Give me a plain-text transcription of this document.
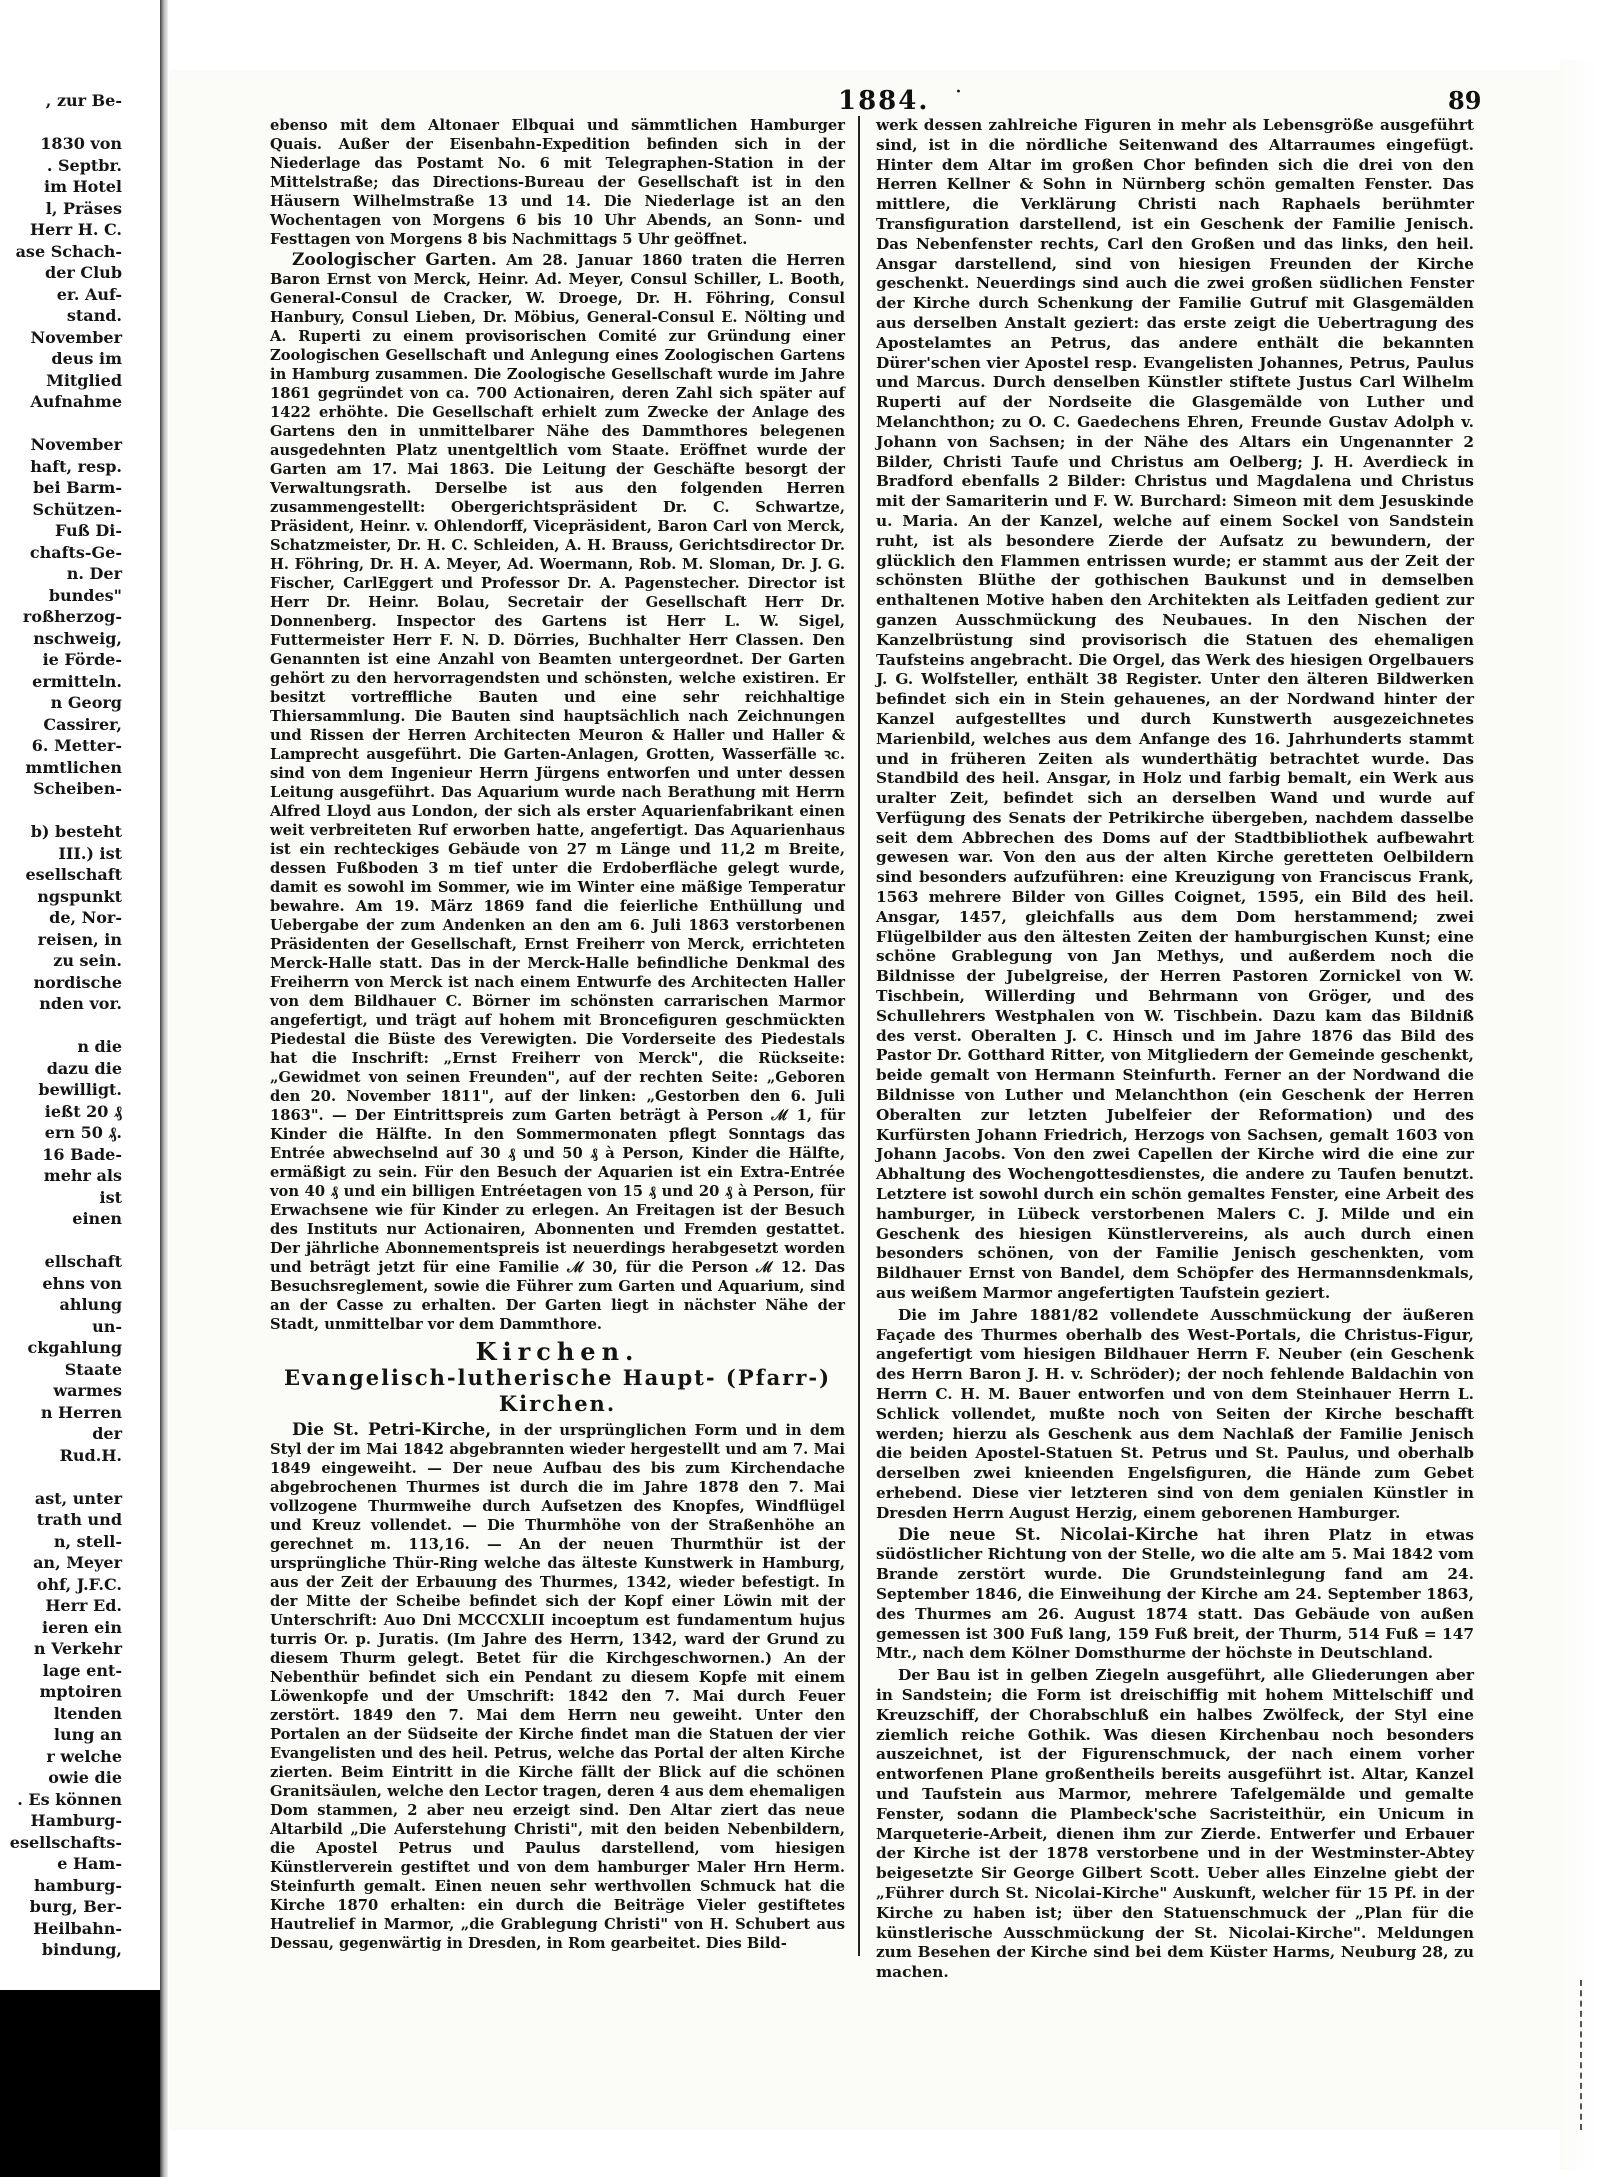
, zur Be-

1830 von
. Septbr.
im Hotel
l, Präses
Herr H. C.
ase Schach-
der Club
er. Auf-
stand.
November
deus im
Mitglied
Aufnahme

November
haft, resp.
bei Barm-
Schützen-
Fuß Di-
chafts-Ge-
n. Der
bundes"
roßherzog-
nschweig,
ie Förde-
ermitteln.
n Georg
Cassirer,
6. Metter-
mmtlichen
Scheiben-

b) besteht
III.) ist
esellschaft
ngspunkt
de, Nor-
reisen, in
zu sein.
nordische
nden vor.

n die
dazu die
bewilligt.
ießt 20 ₰
ern 50 ₰.
16 Bade-
mehr als
ist
einen

ellschaft
ehns von
ahlung
un-
ckgahlung
Staate
warmes
n Herren
der
Rud.H.

ast, unter
trath und
n, stell-
an, Meyer
ohf, J.F.C.
Herr Ed.
ieren ein
n Verkehr
lage ent-
mptoiren
ltenden
lung an
r welche
owie die
. Es können
Hamburg-
esellschafts-
e Ham-
hamburg-
burg, Ber-
Heilbahn-
bindung,
1884. ·	89

ebenso mit dem Altonaer Elbquai und sämmtlichen Hamburger Quais. Außer der Eisenbahn-Expedition befinden sich in der Niederlage das Postamt No. 6 mit Telegraphen-Station in der Mittelstraße; das Directions-Bureau der Gesellschaft ist in den Häusern Wilhelmstraße 13 und 14. Die Niederlage ist an den Wochentagen von Morgens 6 bis 10 Uhr Abends, an Sonn- und Festtagen von Morgens 8 bis Nachmittags 5 Uhr geöffnet.

Zoologischer Garten. Am 28. Januar 1860 traten die Herren Baron Ernst von Merck, Heinr. Ad. Meyer, Consul Schiller, L. Booth, General-Consul de Cracker, W. Droege, Dr. H. Föhring, Consul Hanbury, Consul Lieben, Dr. Möbius, General-Consul E. Nölting und A. Ruperti zu einem provisorischen Comité zur Gründung einer Zoologischen Gesellschaft und Anlegung eines Zoologischen Gartens in Hamburg zusammen. Die Zoologische Gesellschaft wurde im Jahre 1861 gegründet von ca. 700 Actionairen, deren Zahl sich später auf 1422 erhöhte. Die Gesellschaft erhielt zum Zwecke der Anlage des Gartens den in unmittelbarer Nähe des Dammthores belegenen ausgedehnten Platz unentgeltlich vom Staate. Eröffnet wurde der Garten am 17. Mai 1863. Die Leitung der Geschäfte besorgt der Verwaltungsrath. Derselbe ist aus den folgenden Herren zusammengestellt: Obergerichtspräsident Dr. C. Schwartze, Präsident, Heinr. v. Ohlendorff, Vicepräsident, Baron Carl von Merck, Schatzmeister, Dr. H. C. Schleiden, A. H. Brauss, Gerichtsdirector Dr. H. Föhring, Dr. H. A. Meyer, Ad. Woermann, Rob. M. Sloman, Dr. J. G. Fischer, CarlEggert und Professor Dr. A. Pagenstecher. Director ist Herr Dr. Heinr. Bolau, Secretair der Gesellschaft Herr Dr. Donnenberg. Inspector des Gartens ist Herr L. W. Sigel, Futtermeister Herr F. N. D. Dörries, Buchhalter Herr Classen. Den Genannten ist eine Anzahl von Beamten untergeordnet. Der Garten gehört zu den hervorragendsten und schönsten, welche existiren. Er besitzt vortreffliche Bauten und eine sehr reichhaltige Thiersammlung. Die Bauten sind hauptsächlich nach Zeichnungen und Rissen der Herren Architecten Meuron & Haller und Haller & Lamprecht ausgeführt. Die Garten-Anlagen, Grotten, Wasserfälle ꝛc. sind von dem Ingenieur Herrn Jürgens entworfen und unter dessen Leitung ausgeführt. Das Aquarium wurde nach Berathung mit Herrn Alfred Lloyd aus London, der sich als erster Aquarienfabrikant einen weit verbreiteten Ruf erworben hatte, angefertigt. Das Aquarienhaus ist ein rechteckiges Gebäude von 27 m Länge und 11,2 m Breite, dessen Fußboden 3 m tief unter die Erdoberfläche gelegt wurde, damit es sowohl im Sommer, wie im Winter eine mäßige Temperatur bewahre. Am 19. März 1869 fand die feierliche Enthüllung und Uebergabe der zum Andenken an den am 6. Juli 1863 verstorbenen Präsidenten der Gesellschaft, Ernst Freiherr von Merck, errichteten Merck-Halle statt. Das in der Merck-Halle befindliche Denkmal des Freiherrn von Merck ist nach einem Entwurfe des Architecten Haller von dem Bildhauer C. Börner im schönsten carrarischen Marmor angefertigt, und trägt auf hohem mit Broncefiguren geschmückten Piedestal die Büste des Verewigten. Die Vorderseite des Piedestals hat die Inschrift: „Ernst Freiherr von Merck", die Rückseite: „Gewidmet von seinen Freunden", auf der rechten Seite: „Geboren den 20. November 1811", auf der linken: „Gestorben den 6. Juli 1863". — Der Eintrittspreis zum Garten beträgt à Person ℳ 1, für Kinder die Hälfte. In den Sommermonaten pflegt Sonntags das Entrée abwechselnd auf 30 ₰ und 50 ₰ à Person, Kinder die Hälfte, ermäßigt zu sein. Für den Besuch der Aquarien ist ein Extra-Entrée von 40 ₰ und ein billigen Entréetagen von 15 ₰ und 20 ₰ à Person, für Erwachsene wie für Kinder zu erlegen. An Freitagen ist der Besuch des Instituts nur Actionairen, Abonnenten und Fremden gestattet. Der jährliche Abonnementspreis ist neuerdings herabgesetzt worden und beträgt jetzt für eine Familie ℳ 30, für die Person ℳ 12. Das Besuchsreglement, sowie die Führer zum Garten und Aquarium, sind an der Casse zu erhalten. Der Garten liegt in nächster Nähe der Stadt, unmittelbar vor dem Dammthore.

Kirchen.
Evangelisch-lutherische Haupt- (Pfarr-) Kirchen.

Die St. Petri-Kirche, in der ursprünglichen Form und in dem Styl der im Mai 1842 abgebrannten wieder hergestellt und am 7. Mai 1849 eingeweiht. — Der neue Aufbau des bis zum Kirchendache abgebrochenen Thurmes ist durch die im Jahre 1878 den 7. Mai vollzogene Thurmweihe durch Aufsetzen des Knopfes, Windflügel und Kreuz vollendet. — Die Thurmhöhe von der Straßenhöhe an gerechnet m. 113,16. — An der neuen Thurmthür ist der ursprüngliche Thür-Ring welche das älteste Kunstwerk in Hamburg, aus der Zeit der Erbauung des Thurmes, 1342, wieder befestigt. In der Mitte der Scheibe befindet sich der Kopf einer Löwin mit der Unterschrift: Auo Dni MCCCXLII incoeptum est fundamentum hujus turris Or. p. Juratis. (Im Jahre des Herrn, 1342, ward der Grund zu diesem Thurm gelegt. Betet für die Kirchgeschwornen.) An der Nebenthür befindet sich ein Pendant zu diesem Kopfe mit einem Löwenkopfe und der Umschrift: 1842 den 7. Mai durch Feuer zerstört. 1849 den 7. Mai dem Herrn neu geweiht. Unter den Portalen an der Südseite der Kirche findet man die Statuen der vier Evangelisten und des heil. Petrus, welche das Portal der alten Kirche zierten. Beim Eintritt in die Kirche fällt der Blick auf die schönen Granitsäulen, welche den Lector tragen, deren 4 aus dem ehemaligen Dom stammen, 2 aber neu erzeigt sind. Den Altar ziert das neue Altarbild „Die Auferstehung Christi", mit den beiden Nebenbildern, die Apostel Petrus und Paulus darstellend, vom hiesigen Künstlerverein gestiftet und von dem hamburger Maler Hrn Herm. Steinfurth gemalt. Einen neuen sehr werthvollen Schmuck hat die Kirche 1870 erhalten: ein durch die Beiträge Vieler gestiftetes Hautrelief in Marmor, „die Grablegung Christi" von H. Schubert aus Dessau, gegenwärtig in Dresden, in Rom gearbeitet. Dies Bild-

werk dessen zahlreiche Figuren in mehr als Lebensgröße ausgeführt sind, ist in die nördliche Seitenwand des Altarraumes eingefügt. Hinter dem Altar im großen Chor befinden sich die drei von den Herren Kellner & Sohn in Nürnberg schön gemalten Fenster. Das mittlere, die Verklärung Christi nach Raphaels berühmter Transfiguration darstellend, ist ein Geschenk der Familie Jenisch. Das Nebenfenster rechts, Carl den Großen und das links, den heil. Ansgar darstellend, sind von hiesigen Freunden der Kirche geschenkt. Neuerdings sind auch die zwei großen südlichen Fenster der Kirche durch Schenkung der Familie Gutruf mit Glasgemälden aus derselben Anstalt geziert: das erste zeigt die Uebertragung des Apostelamtes an Petrus, das andere enthält die bekannten Dürer'schen vier Apostel resp. Evangelisten Johannes, Petrus, Paulus und Marcus. Durch denselben Künstler stiftete Justus Carl Wilhelm Ruperti auf der Nordseite die Glasgemälde von Luther und Melanchthon; zu O. C. Gaedechens Ehren, Freunde Gustav Adolph v. Johann von Sachsen; in der Nähe des Altars ein Ungenannter 2 Bilder, Christi Taufe und Christus am Oelberg; J. H. Averdieck in Bradford ebenfalls 2 Bilder: Christus und Magdalena und Christus mit der Samariterin und F. W. Burchard: Simeon mit dem Jesuskinde u. Maria. An der Kanzel, welche auf einem Sockel von Sandstein ruht, ist als besondere Zierde der Aufsatz zu bewundern, der glücklich den Flammen entrissen wurde; er stammt aus der Zeit der schönsten Blüthe der gothischen Baukunst und in demselben enthaltenen Motive haben den Architekten als Leitfaden gedient zur ganzen Ausschmückung des Neubaues. In den Nischen der Kanzelbrüstung sind provisorisch die Statuen des ehemaligen Taufsteins angebracht. Die Orgel, das Werk des hiesigen Orgelbauers J. G. Wolfsteller, enthält 38 Register. Unter den älteren Bildwerken befindet sich ein in Stein gehauenes, an der Nordwand hinter der Kanzel aufgestelltes und durch Kunstwerth ausgezeichnetes Marienbild, welches aus dem Anfange des 16. Jahrhunderts stammt und in früheren Zeiten als wunderthätig betrachtet wurde. Das Standbild des heil. Ansgar, in Holz und farbig bemalt, ein Werk aus uralter Zeit, befindet sich an derselben Wand und wurde auf Verfügung des Senats der Petrikirche übergeben, nachdem dasselbe seit dem Abbrechen des Doms auf der Stadtbibliothek aufbewahrt gewesen war. Von den aus der alten Kirche geretteten Oelbildern sind besonders aufzuführen: eine Kreuzigung von Franciscus Frank, 1563 mehrere Bilder von Gilles Coignet, 1595, ein Bild des heil. Ansgar, 1457, gleichfalls aus dem Dom herstammend; zwei Flügelbilder aus den ältesten Zeiten der hamburgischen Kunst; eine schöne Grablegung von Jan Methys, und außerdem noch die Bildnisse der Jubelgreise, der Herren Pastoren Zornickel von W. Tischbein, Willerding und Behrmann von Gröger, und des Schullehrers Westphalen von W. Tischbein. Dazu kam das Bildniß des verst. Oberalten J. C. Hinsch und im Jahre 1876 das Bild des Pastor Dr. Gotthard Ritter, von Mitgliedern der Gemeinde geschenkt, beide gemalt von Hermann Steinfurth. Ferner an der Nordwand die Bildnisse von Luther und Melanchthon (ein Geschenk der Herren Oberalten zur letzten Jubelfeier der Reformation) und des Kurfürsten Johann Friedrich, Herzogs von Sachsen, gemalt 1603 von Johann Jacobs. Von den zwei Capellen der Kirche wird die eine zur Abhaltung des Wochengottesdienstes, die andere zu Taufen benutzt. Letztere ist sowohl durch ein schön gemaltes Fenster, eine Arbeit des hamburger, in Lübeck verstorbenen Malers C. J. Milde und ein Geschenk des hiesigen Künstlervereins, als auch durch einen besonders schönen, von der Familie Jenisch geschenkten, vom Bildhauer Ernst von Bandel, dem Schöpfer des Hermannsdenkmals, aus weißem Marmor angefertigten Taufstein geziert.

Die im Jahre 1881/82 vollendete Ausschmückung der äußeren Façade des Thurmes oberhalb des West-Portals, die Christus-Figur, angefertigt vom hiesigen Bildhauer Herrn F. Neuber (ein Geschenk des Herrn Baron J. H. v. Schröder); der noch fehlende Baldachin von Herrn C. H. M. Bauer entworfen und von dem Steinhauer Herrn L. Schlick vollendet, mußte noch von Seiten der Kirche beschafft werden; hierzu als Geschenk aus dem Nachlaß der Familie Jenisch die beiden Apostel-Statuen St. Petrus und St. Paulus, und oberhalb derselben zwei knieenden Engelsfiguren, die Hände zum Gebet erhebend. Diese vier letzteren sind von dem genialen Künstler in Dresden Herrn August Herzig, einem geborenen Hamburger.

Die neue St. Nicolai-Kirche hat ihren Platz in etwas südöstlicher Richtung von der Stelle, wo die alte am 5. Mai 1842 vom Brande zerstört wurde. Die Grundsteinlegung fand am 24. September 1846, die Einweihung der Kirche am 24. September 1863, des Thurmes am 26. August 1874 statt. Das Gebäude von außen gemessen ist 300 Fuß lang, 159 Fuß breit, der Thurm, 514 Fuß = 147 Mtr., nach dem Kölner Domsthurme der höchste in Deutschland.

Der Bau ist in gelben Ziegeln ausgeführt, alle Gliederungen aber in Sandstein; die Form ist dreischiffig mit hohem Mittelschiff und Kreuzschiff, der Chorabschluß ein halbes Zwölfeck, der Styl eine ziemlich reiche Gothik. Was diesen Kirchenbau noch besonders auszeichnet, ist der Figurenschmuck, der nach einem vorher entworfenen Plane großentheils bereits ausgeführt ist. Altar, Kanzel und Taufstein aus Marmor, mehrere Tafelgemälde und gemalte Fenster, sodann die Plambeck'sche Sacristeithür, ein Unicum in Marqueterie-Arbeit, dienen ihm zur Zierde. Entwerfer und Erbauer der Kirche ist der 1878 verstorbene und in der Westminster-Abtey beigesetzte Sir George Gilbert Scott. Ueber alles Einzelne giebt der „Führer durch St. Nicolai-Kirche" Auskunft, welcher für 15 Pf. in der Kirche zu haben ist; über den Statuenschmuck der „Plan für die künstlerische Ausschmückung der St. Nicolai-Kirche". Meldungen zum Besehen der Kirche sind bei dem Küster Harms, Neuburg 28, zu machen.
